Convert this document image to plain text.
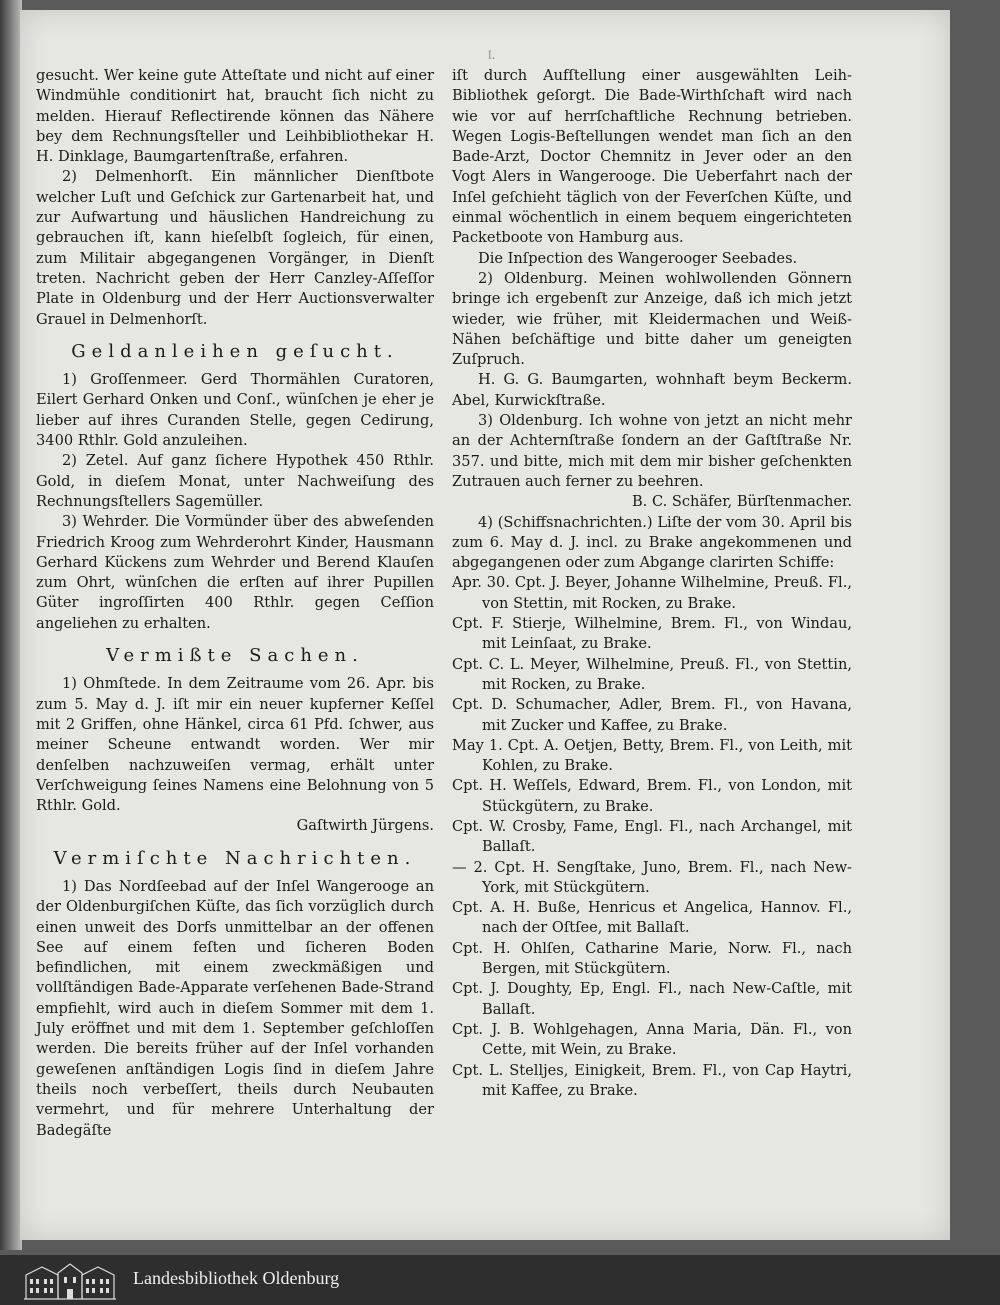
𝔩.

gesucht. Wer keine gute Atteſtate und nicht auf einer Windmühle conditionirt hat, braucht ſich nicht zu melden. Hierauf Reflectirende können das Nähere bey dem Rechnungsſteller und Leihbibliothekar H. H. Dinklage, Baumgartenſtraße, erfahren.

2) Delmenhorſt. Ein männlicher Dienſtbote welcher Luſt und Geſchick zur Gartenarbeit hat, und zur Aufwartung und häuslichen Handreichung zu gebrauchen iſt, kann hieſelbſt ſogleich, für einen, zum Militair abgegangenen Vorgänger, in Dienſt treten. Nachricht geben der Herr Canzley-Aſſeſſor Plate in Oldenburg und der Herr Auctionsverwalter Grauel in Delmenhorſt.

Geldanleihen geſucht.

1) Groſſenmeer. Gerd Thormählen Curatoren, Eilert Gerhard Onken und Conſ., wünſchen je eher je lieber auf ihres Curanden Stelle, gegen Cedirung, 3400 Rthlr. Gold anzuleihen.

2) Zetel. Auf ganz ſichere Hypothek 450 Rthlr. Gold, in dieſem Monat, unter Nachweiſung des Rechnungsſtellers Sagemüller.

3) Wehrder. Die Vormünder über des abweſenden Friedrich Kroog zum Wehrderohrt Kinder, Hausmann Gerhard Kückens zum Wehrder und Berend Klauſen zum Ohrt, wünſchen die erſten auf ihrer Pupillen Güter ingroſſirten 400 Rthlr. gegen Ceſſion angeliehen zu erhalten.

Vermißte Sachen.

1) Ohmſtede. In dem Zeitraume vom 26. Apr. bis zum 5. May d. J. iſt mir ein neuer kupferner Keſſel mit 2 Griffen, ohne Hänkel, circa 61 Pfd. ſchwer, aus meiner Scheune entwandt worden. Wer mir denſelben nachzuweiſen vermag, erhält unter Verſchweigung ſeines Namens eine Belohnung von 5 Rthlr. Gold.

Gaſtwirth Jürgens.

Vermiſchte Nachrichten.

1) Das Nordſeebad auf der Inſel Wangerooge an der Oldenburgiſchen Küſte, das ſich vorzüglich durch einen unweit des Dorfs unmittelbar an der offenen See auf einem feſten und ſicheren Boden befindlichen, mit einem zweckmäßigen und vollſtändigen Bade-Apparate verſehenen Bade-Strand empfiehlt, wird auch in dieſem Sommer mit dem 1. July eröffnet und mit dem 1. September geſchloſſen werden. Die bereits früher auf der Inſel vorhanden geweſenen anſtändigen Logis ſind in dieſem Jahre theils noch verbeſſert, theils durch Neubauten vermehrt, und für mehrere Unterhaltung der Badegäſte

iſt durch Aufſtellung einer ausgewählten Leih-Bibliothek geſorgt. Die Bade-Wirthſchaft wird nach wie vor auf herrſchaftliche Rechnung betrieben. Wegen Logis-Beſtellungen wendet man ſich an den Bade-Arzt, Doctor Chemnitz in Jever oder an den Vogt Alers in Wangerooge. Die Ueberfahrt nach der Inſel geſchieht täglich von der Feverſchen Küſte, und einmal wöchentlich in einem bequem eingerichteten Packetboote von Hamburg aus.

Die Inſpection des Wangerooger Seebades.

2) Oldenburg. Meinen wohlwollenden Gönnern bringe ich ergebenſt zur Anzeige, daß ich mich jetzt wieder, wie früher, mit Kleidermachen und Weiß-Nähen beſchäftige und bitte daher um geneigten Zuſpruch.

H. G. G. Baumgarten, wohnhaft beym Beckerm. Abel, Kurwickſtraße.

3) Oldenburg. Ich wohne von jetzt an nicht mehr an der Achternſtraße ſondern an der Gaſtſtraße Nr. 357. und bitte, mich mit dem mir bisher geſchenkten Zutrauen auch ferner zu beehren.

B. C. Schäfer, Bürſtenmacher.

4) (Schiffsnachrichten.) Liſte der vom 30. April bis zum 6. May d. J. incl. zu Brake angekommenen und abgegangenen oder zum Abgange clarirten Schiffe:

Apr. 30. Cpt. J. Beyer, Johanne Wilhelmine, Preuß. Fl., von Stettin, mit Rocken, zu Brake.

Cpt. F. Stierje, Wilhelmine, Brem. Fl., von Windau, mit Leinſaat, zu Brake.

Cpt. C. L. Meyer, Wilhelmine, Preuß. Fl., von Stettin, mit Rocken, zu Brake.

Cpt. D. Schumacher, Adler, Brem. Fl., von Havana, mit Zucker und Kaffee, zu Brake.

May 1. Cpt. A. Oetjen, Betty, Brem. Fl., von Leith, mit Kohlen, zu Brake.

Cpt. H. Weſſels, Edward, Brem. Fl., von London, mit Stückgütern, zu Brake.

Cpt. W. Crosby, Fame, Engl. Fl., nach Archangel, mit Ballaſt.

— 2. Cpt. H. Sengſtake, Juno, Brem. Fl., nach New-York, mit Stückgütern.

Cpt. A. H. Buße, Henricus et Angelica, Hannov. Fl., nach der Oſtſee, mit Ballaſt.

Cpt. H. Ohlſen, Catharine Marie, Norw. Fl., nach Bergen, mit Stückgütern.

Cpt. J. Doughty, Ep, Engl. Fl., nach New-Caſtle, mit Ballaſt.

Cpt. J. B. Wohlgehagen, Anna Maria, Dän. Fl., von Cette, mit Wein, zu Brake.

Cpt. L. Stelljes, Einigkeit, Brem. Fl., von Cap Haytri, mit Kaffee, zu Brake.

Landesbibliothek Oldenburg
